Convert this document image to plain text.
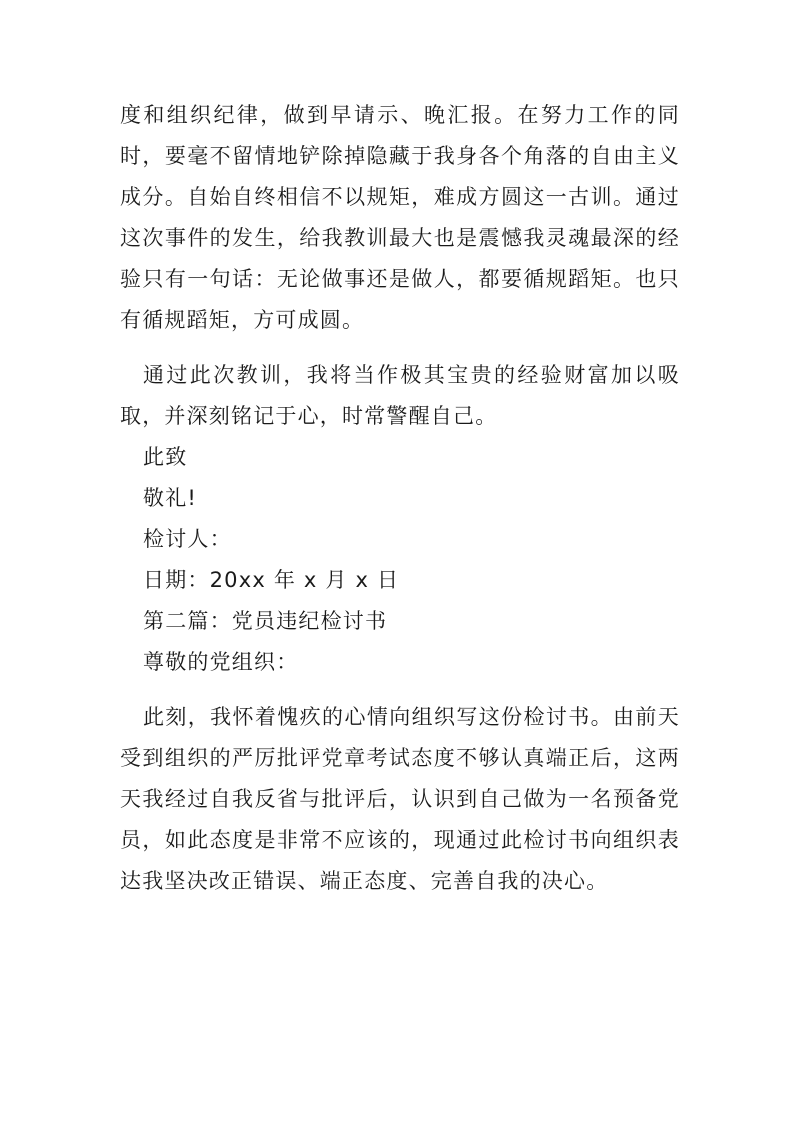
度和组织纪律，做到早请示、晚汇报。在努力工作的同时，要毫不留情地铲除掉隐藏于我身各个角落的自由主义成分。自始自终相信不以规矩，难成方圆这一古训。通过这次事件的发生，给我教训最大也是震憾我灵魂最深的经验只有一句话：无论做事还是做人，都要循规蹈矩。也只有循规蹈矩，方可成圆。

通过此次教训，我将当作极其宝贵的经验财富加以吸取，并深刻铭记于心，时常警醒自己。

此致

敬礼!

检讨人：

日期：20xx 年 x 月 x 日

第二篇：党员违纪检讨书

尊敬的党组织：

此刻，我怀着愧疚的心情向组织写这份检讨书。由前天受到组织的严厉批评党章考试态度不够认真端正后，这两天我经过自我反省与批评后，认识到自己做为一名预备党员，如此态度是非常不应该的，现通过此检讨书向组织表达我坚决改正错误、端正态度、完善自我的决心。
